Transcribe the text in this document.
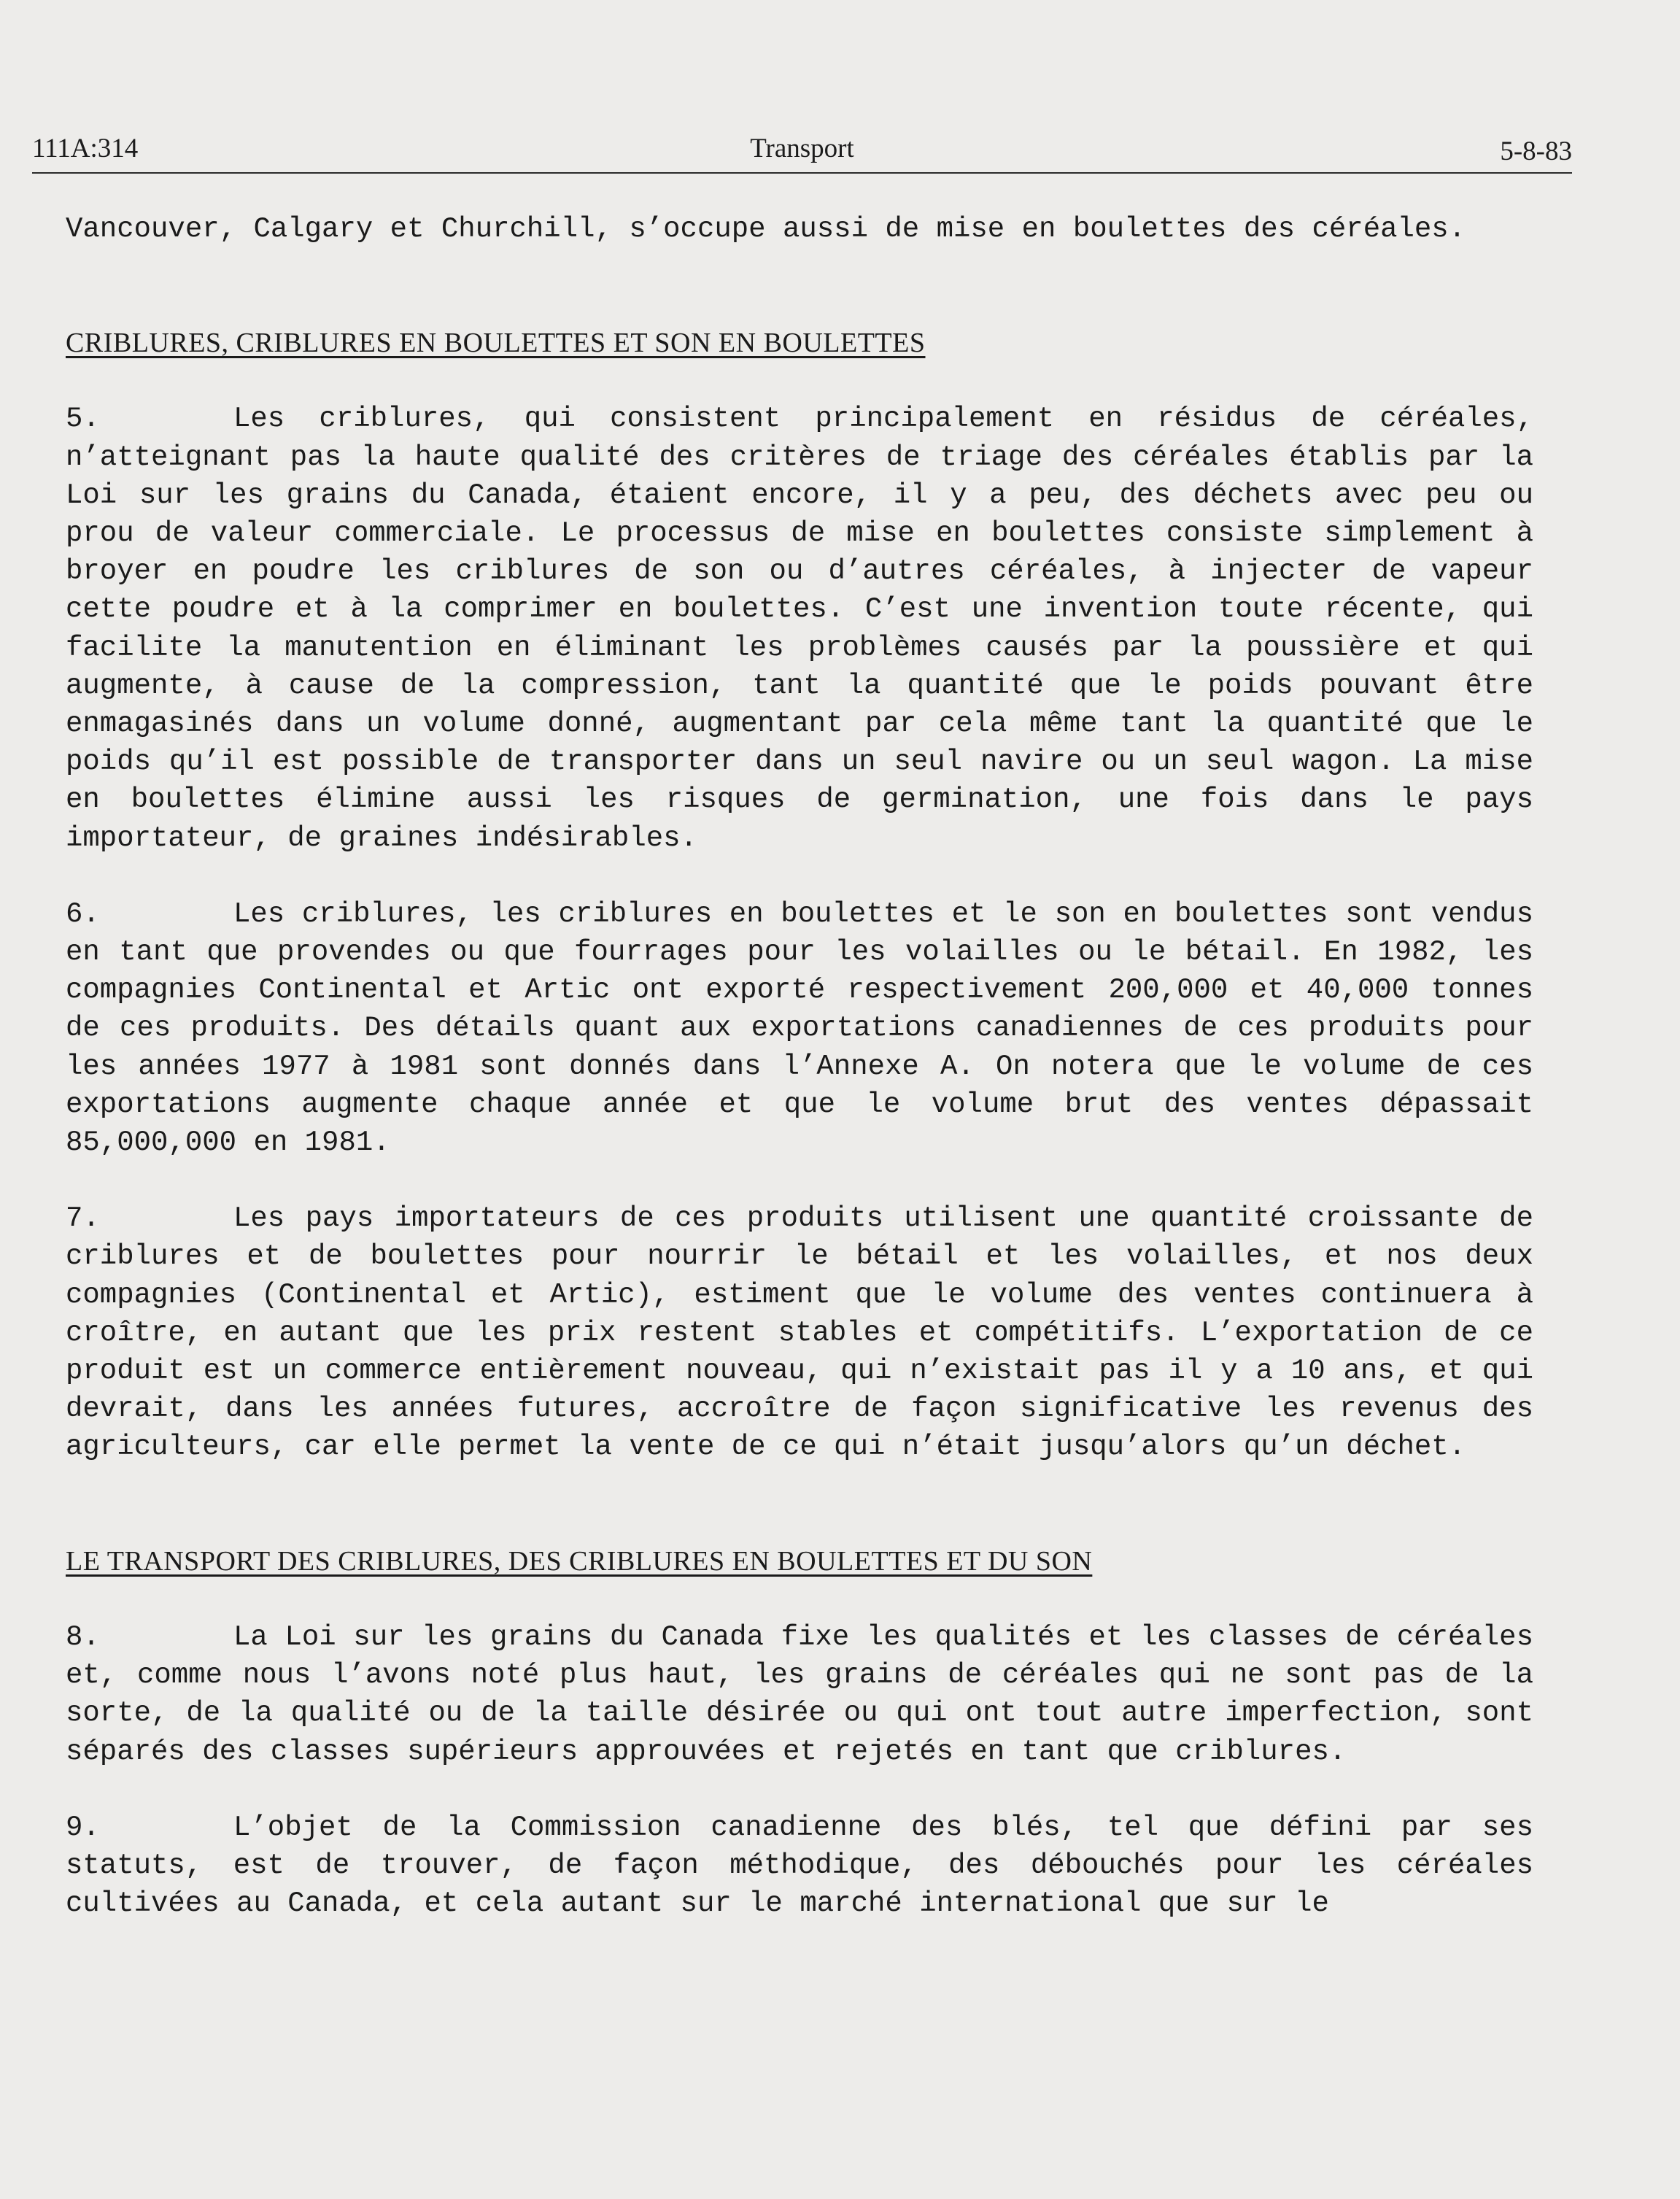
111A:314	Transport	5-8-83

Vancouver, Calgary et Churchill, s’occupe aussi de mise en boulettes des céréales.

CRIBLURES, CRIBLURES EN BOULETTES ET SON EN BOULETTES

5.	Les criblures, qui consistent principalement en résidus de céréales, n’atteignant pas la haute qualité des critères de triage des céréales établis par la Loi sur les grains du Canada, étaient encore, il y a peu, des déchets avec peu ou prou de valeur commerciale. Le processus de mise en boulettes consiste simplement à broyer en poudre les criblures de son ou d’autres céréales, à injecter de vapeur cette poudre et à la comprimer en boulettes. C’est une invention toute récente, qui facilite la manutention en éliminant les problèmes causés par la poussière et qui augmente, à cause de la compression, tant la quantité que le poids pouvant être enmagasinés dans un volume donné, augmentant par cela même tant la quantité que le poids qu’il est possible de transporter dans un seul navire ou un seul wagon. La mise en boulettes élimine aussi les risques de germination, une fois dans le pays importateur, de graines indésirables.

6.	Les criblures, les criblures en boulettes et le son en boulettes sont vendus en tant que provendes ou que fourrages pour les volailles ou le bétail. En 1982, les compagnies Continental et Artic ont exporté respectivement 200,000 et 40,000 tonnes de ces produits. Des détails quant aux exportations canadiennes de ces produits pour les années 1977 à 1981 sont donnés dans l’Annexe A. On notera que le volume de ces exportations augmente chaque année et que le volume brut des ventes dépassait 85,000,000 en 1981.

7.	Les pays importateurs de ces produits utilisent une quantité croissante de criblures et de boulettes pour nourrir le bétail et les volailles, et nos deux compagnies (Continental et Artic), estiment que le volume des ventes continuera à croître, en autant que les prix restent stables et compétitifs. L’exportation de ce produit est un commerce entièrement nouveau, qui n’existait pas il y a 10 ans, et qui devrait, dans les années futures, accroître de façon significative les revenus des agriculteurs, car elle permet la vente de ce qui n’était jusqu’alors qu’un déchet.

LE TRANSPORT DES CRIBLURES, DES CRIBLURES EN BOULETTES ET DU SON

8.	La Loi sur les grains du Canada fixe les qualités et les classes de céréales et, comme nous l’avons noté plus haut, les grains de céréales qui ne sont pas de la sorte, de la qualité ou de la taille désirée ou qui ont tout autre imperfection, sont séparés des classes supérieurs approuvées et rejetés en tant que criblures.

9.	L’objet de la Commission canadienne des blés, tel que défini par ses statuts, est de trouver, de façon méthodique, des débouchés pour les céréales cultivées au Canada, et cela autant sur le marché international que sur le
